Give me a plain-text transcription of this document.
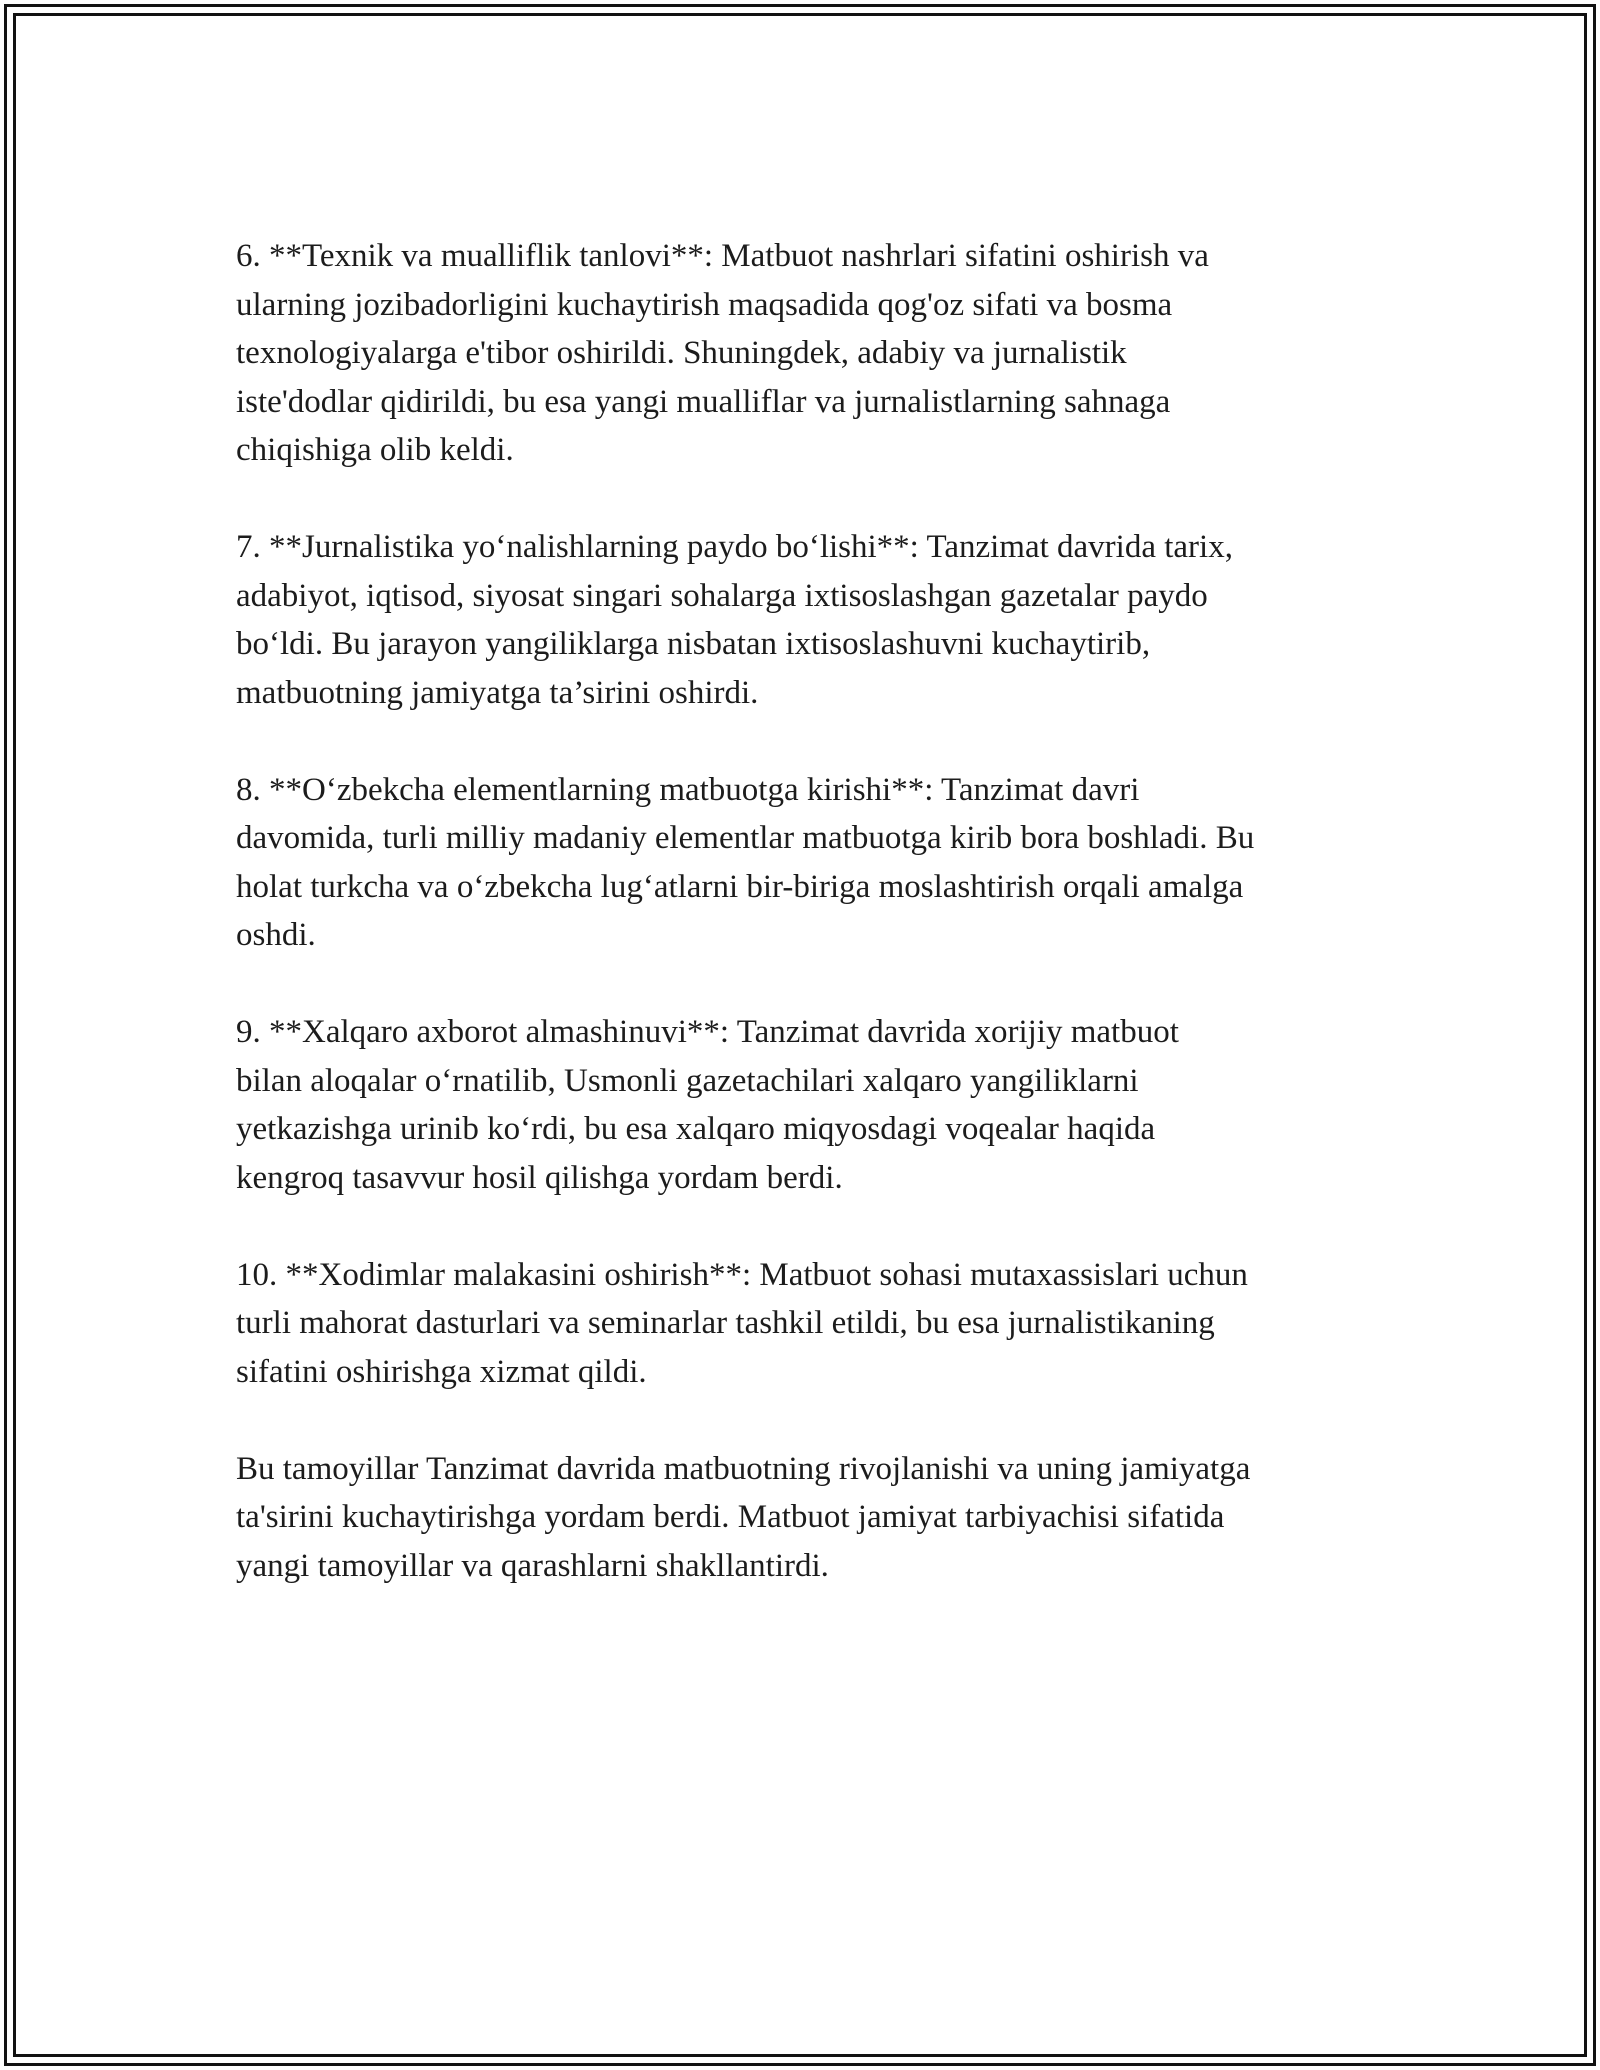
6. **Texnik va mualliflik tanlovi**: Matbuot nashrlari sifatini oshirish va
ularning jozibadorligini kuchaytirish maqsadida qog'oz sifati va bosma
texnologiyalarga e'tibor oshirildi. Shuningdek, adabiy va jurnalistik
iste'dodlar qidirildi, bu esa yangi mualliflar va jurnalistlarning sahnaga
chiqishiga olib keldi.

7. **Jurnalistika yo‘nalishlarning paydo bo‘lishi**: Tanzimat davrida tarix,
adabiyot, iqtisod, siyosat singari sohalarga ixtisoslashgan gazetalar paydo
bo‘ldi. Bu jarayon yangiliklarga nisbatan ixtisoslashuvni kuchaytirib,
matbuotning jamiyatga ta’sirini oshirdi.

8. **O‘zbekcha elementlarning matbuotga kirishi**: Tanzimat davri
davomida, turli milliy madaniy elementlar matbuotga kirib bora boshladi. Bu
holat turkcha va o‘zbekcha lug‘atlarni bir-biriga moslashtirish orqali amalga
oshdi.

9. **Xalqaro axborot almashinuvi**: Tanzimat davrida xorijiy matbuot
bilan aloqalar o‘rnatilib, Usmonli gazetachilari xalqaro yangiliklarni
yetkazishga urinib ko‘rdi, bu esa xalqaro miqyosdagi voqealar haqida
kengroq tasavvur hosil qilishga yordam berdi.

10. **Xodimlar malakasini oshirish**: Matbuot sohasi mutaxassislari uchun
turli mahorat dasturlari va seminarlar tashkil etildi, bu esa jurnalistikaning
sifatini oshirishga xizmat qildi.

Bu tamoyillar Tanzimat davrida matbuotning rivojlanishi va uning jamiyatga
ta'sirini kuchaytirishga yordam berdi. Matbuot jamiyat tarbiyachisi sifatida
yangi tamoyillar va qarashlarni shakllantirdi.
